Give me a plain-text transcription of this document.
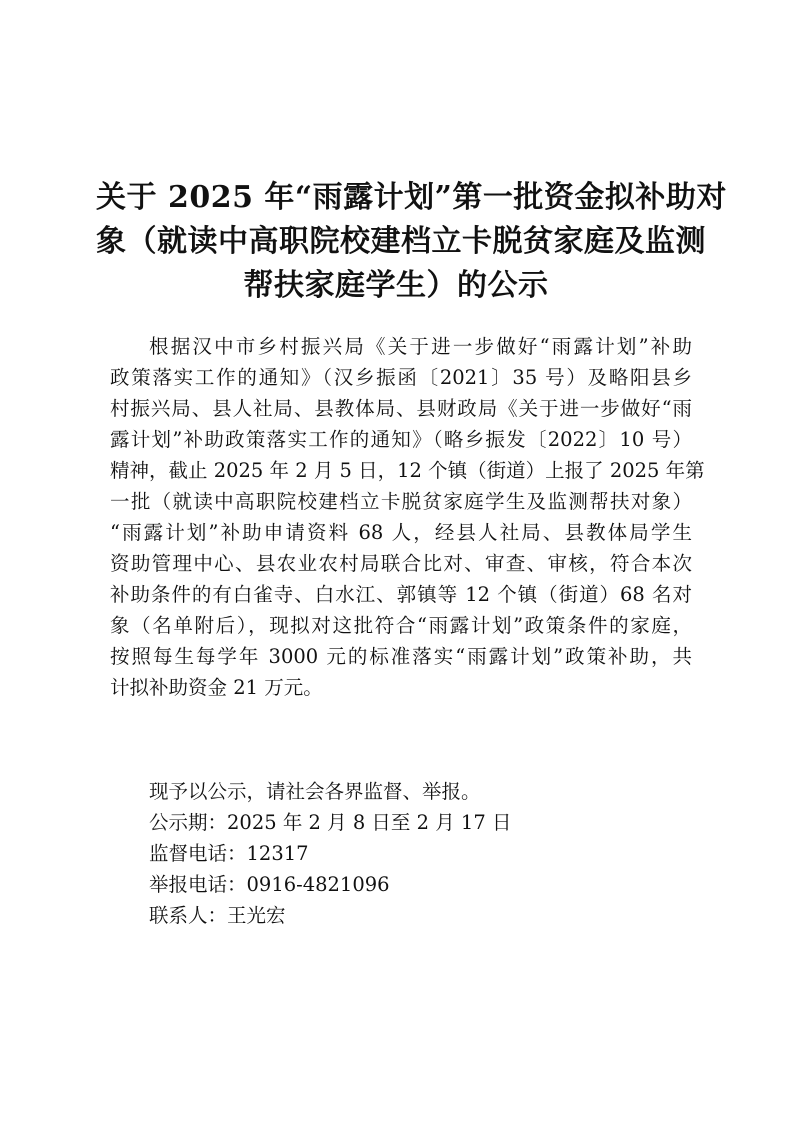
关于 2025 年“雨露计划”第一批资金拟补助对
象（就读中高职院校建档立卡脱贫家庭及监测
帮扶家庭学生）的公示
根据汉中市乡村振兴局《关于进一步做好“雨露计划”补助
政策落实工作的通知》（汉乡振函〔2021〕35 号）及略阳县乡
村振兴局、县人社局、县教体局、县财政局《关于进一步做好“雨
露计划”补助政策落实工作的通知》（略乡振发〔2022〕10 号）
精神，截止 2025 年 2 月 5 日，12 个镇（街道）上报了 2025 年第
一批（就读中高职院校建档立卡脱贫家庭学生及监测帮扶对象）
“雨露计划”补助申请资料 68 人，经县人社局、县教体局学生
资助管理中心、县农业农村局联合比对、审查、审核，符合本次
补助条件的有白雀寺、白水江、郭镇等 12 个镇（街道）68 名对
象（名单附后），现拟对这批符合“雨露计划”政策条件的家庭，
按照每生每学年 3000 元的标准落实“雨露计划”政策补助，共
计拟补助资金 21 万元。
现予以公示，请社会各界监督、举报。
公示期：2025 年 2 月 8 日至 2 月 17 日
监督电话：12317
举报电话：0916-4821096
联系人：王光宏
